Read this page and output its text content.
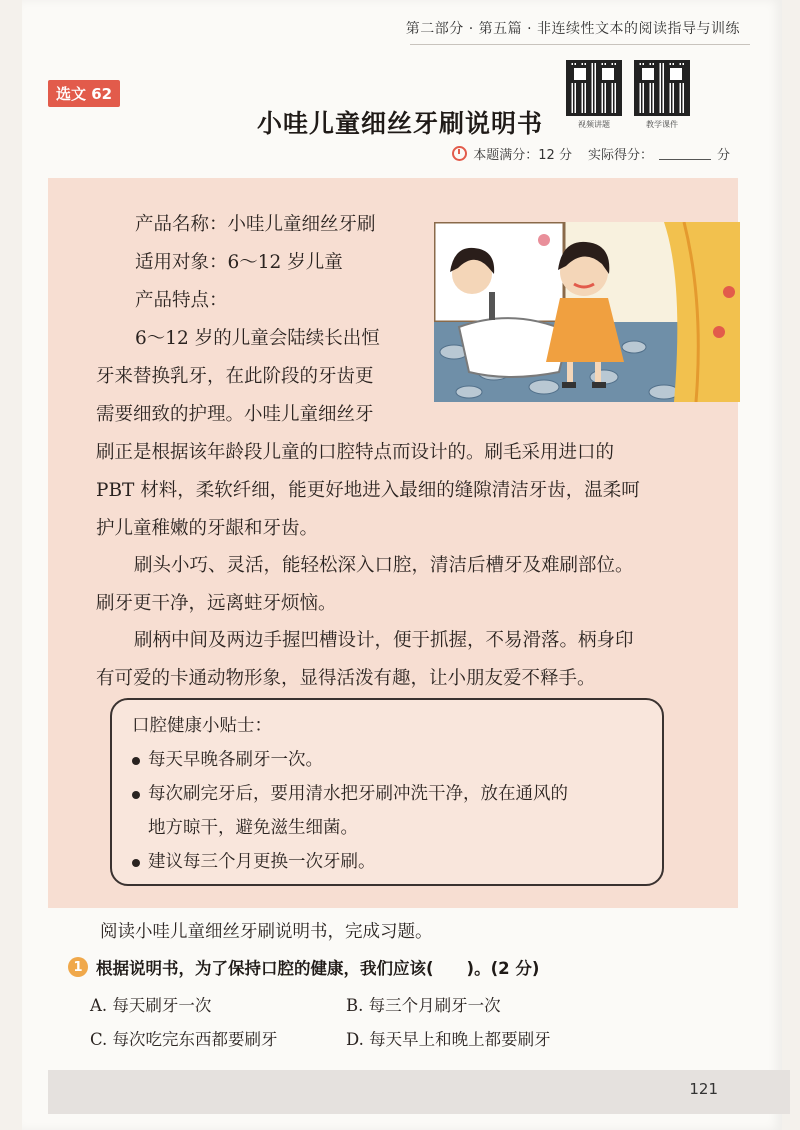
第二部分 · 第五篇 · 非连续性文本的阅读指导与训练
选文 62
视频讲题	教学课件
小哇儿童细丝牙刷说明书
本题满分：12 分 实际得分：	分
产品名称：小哇儿童细丝牙刷
适用对象：6～12 岁儿童
产品特点：
6～12 岁的儿童会陆续长出恒
牙来替换乳牙，在此阶段的牙齿更
需要细致的护理。小哇儿童细丝牙
刷正是根据该年龄段儿童的口腔特点而设计的。刷毛采用进口的
PBT 材料，柔软纤细，能更好地进入最细的缝隙清洁牙齿，温柔呵
护儿童稚嫩的牙龈和牙齿。
刷头小巧、灵活，能轻松深入口腔，清洁后槽牙及难刷部位。
刷牙更干净，远离蛀牙烦恼。
刷柄中间及两边手握凹槽设计，便于抓握，不易滑落。柄身印
有可爱的卡通动物形象，显得活泼有趣，让小朋友爱不释手。
口腔健康小贴士：
每天早晚各刷牙一次。
每次刷完牙后，要用清水把牙刷冲洗干净，放在通风的
地方晾干，避免滋生细菌。
建议每三个月更换一次牙刷。
阅读小哇儿童细丝牙刷说明书，完成习题。
1 根据说明书，为了保持口腔的健康，我们应该(　　)。(2 分)
A. 每天刷牙一次	B. 每三个月刷牙一次
C. 每次吃完东西都要刷牙	D. 每天早上和晚上都要刷牙
121
